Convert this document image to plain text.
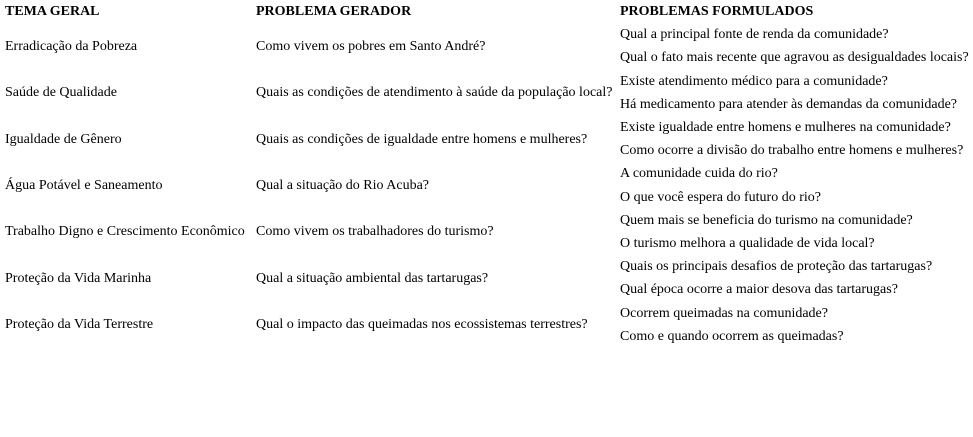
TEMA GERAL	PROBLEMA GERADOR	PROBLEMAS FORMULADOS
Erradicação da Pobreza	Como vivem os pobres em Santo André?	Qual a principal fonte de renda da comunidade?
		Qual o fato mais recente que agravou as desigualdades locais?
Saúde de Qualidade	Quais as condições de atendimento à saúde da população local?	Existe atendimento médico para a comunidade?
		Há medicamento para atender às demandas da comunidade?
Igualdade de Gênero	Quais as condições de igualdade entre homens e mulheres?	Existe igualdade entre homens e mulheres na comunidade?
		Como ocorre a divisão do trabalho entre homens e mulheres?
Água Potável e Saneamento	Qual a situação do Rio Acuba?	A comunidade cuida do rio?
		O que você espera do futuro do rio?
Trabalho Digno e Crescimento Econômico	Como vivem os trabalhadores do turismo?	Quem mais se beneficia do turismo na comunidade?
		O turismo melhora a qualidade de vida local?
Proteção da Vida Marinha	Qual a situação ambiental das tartarugas?	Quais os principais desafios de proteção das tartarugas?
		Qual época ocorre a maior desova das tartarugas?
Proteção da Vida Terrestre	Qual o impacto das queimadas nos ecossistemas terrestres?	Ocorrem queimadas na comunidade?
		Como e quando ocorrem as queimadas?
